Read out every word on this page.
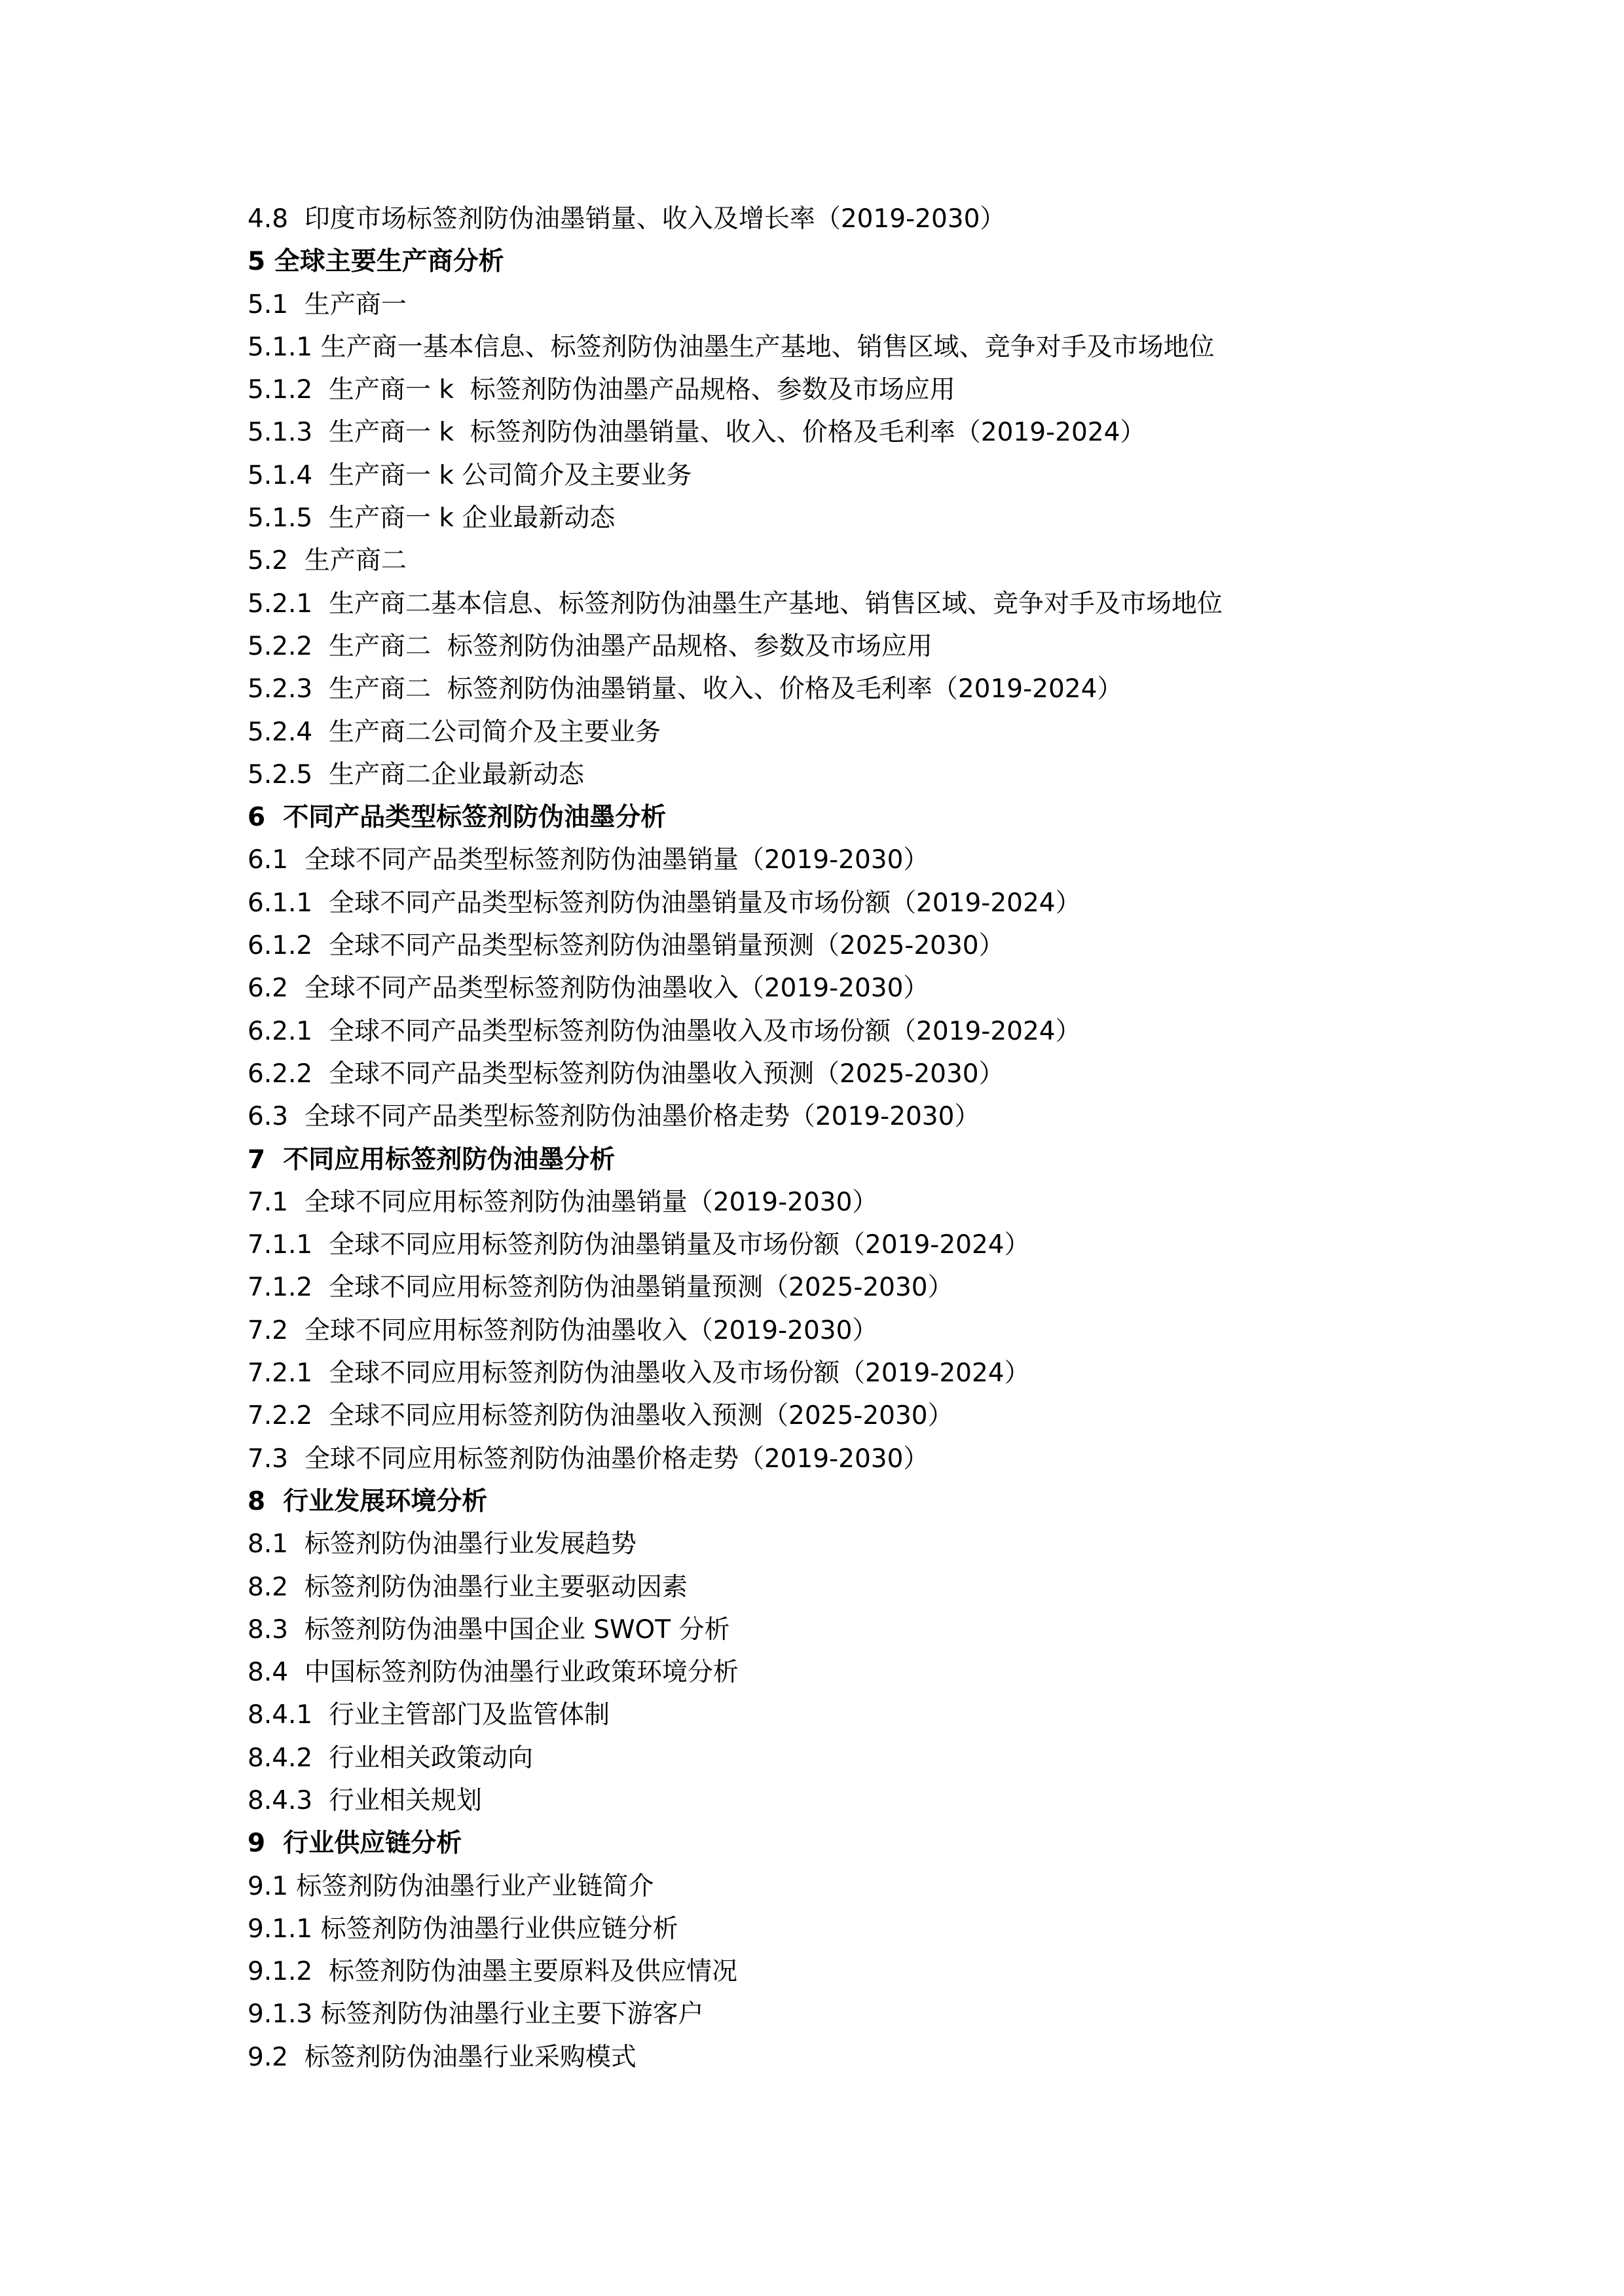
4.8  印度市场标签剂防伪油墨销量、收入及增长率（2019-2030）
5 全球主要生产商分析
5.1  生产商一
5.1.1 生产商一基本信息、标签剂防伪油墨生产基地、销售区域、竞争对手及市场地位
5.1.2  生产商一 k  标签剂防伪油墨产品规格、参数及市场应用
5.1.3  生产商一 k  标签剂防伪油墨销量、收入、价格及毛利率（2019-2024）
5.1.4  生产商一 k 公司简介及主要业务
5.1.5  生产商一 k 企业最新动态
5.2  生产商二
5.2.1  生产商二基本信息、标签剂防伪油墨生产基地、销售区域、竞争对手及市场地位
5.2.2  生产商二  标签剂防伪油墨产品规格、参数及市场应用
5.2.3  生产商二  标签剂防伪油墨销量、收入、价格及毛利率（2019-2024）
5.2.4  生产商二公司简介及主要业务
5.2.5  生产商二企业最新动态
6  不同产品类型标签剂防伪油墨分析
6.1  全球不同产品类型标签剂防伪油墨销量（2019-2030）
6.1.1  全球不同产品类型标签剂防伪油墨销量及市场份额（2019-2024）
6.1.2  全球不同产品类型标签剂防伪油墨销量预测（2025-2030）
6.2  全球不同产品类型标签剂防伪油墨收入（2019-2030）
6.2.1  全球不同产品类型标签剂防伪油墨收入及市场份额（2019-2024）
6.2.2  全球不同产品类型标签剂防伪油墨收入预测（2025-2030）
6.3  全球不同产品类型标签剂防伪油墨价格走势（2019-2030）
7  不同应用标签剂防伪油墨分析
7.1  全球不同应用标签剂防伪油墨销量（2019-2030）
7.1.1  全球不同应用标签剂防伪油墨销量及市场份额（2019-2024）
7.1.2  全球不同应用标签剂防伪油墨销量预测（2025-2030）
7.2  全球不同应用标签剂防伪油墨收入（2019-2030）
7.2.1  全球不同应用标签剂防伪油墨收入及市场份额（2019-2024）
7.2.2  全球不同应用标签剂防伪油墨收入预测（2025-2030）
7.3  全球不同应用标签剂防伪油墨价格走势（2019-2030）
8  行业发展环境分析
8.1  标签剂防伪油墨行业发展趋势
8.2  标签剂防伪油墨行业主要驱动因素
8.3  标签剂防伪油墨中国企业 SWOT 分析
8.4  中国标签剂防伪油墨行业政策环境分析
8.4.1  行业主管部门及监管体制
8.4.2  行业相关政策动向
8.4.3  行业相关规划
9  行业供应链分析
9.1 标签剂防伪油墨行业产业链简介
9.1.1 标签剂防伪油墨行业供应链分析
9.1.2  标签剂防伪油墨主要原料及供应情况
9.1.3 标签剂防伪油墨行业主要下游客户
9.2  标签剂防伪油墨行业采购模式
